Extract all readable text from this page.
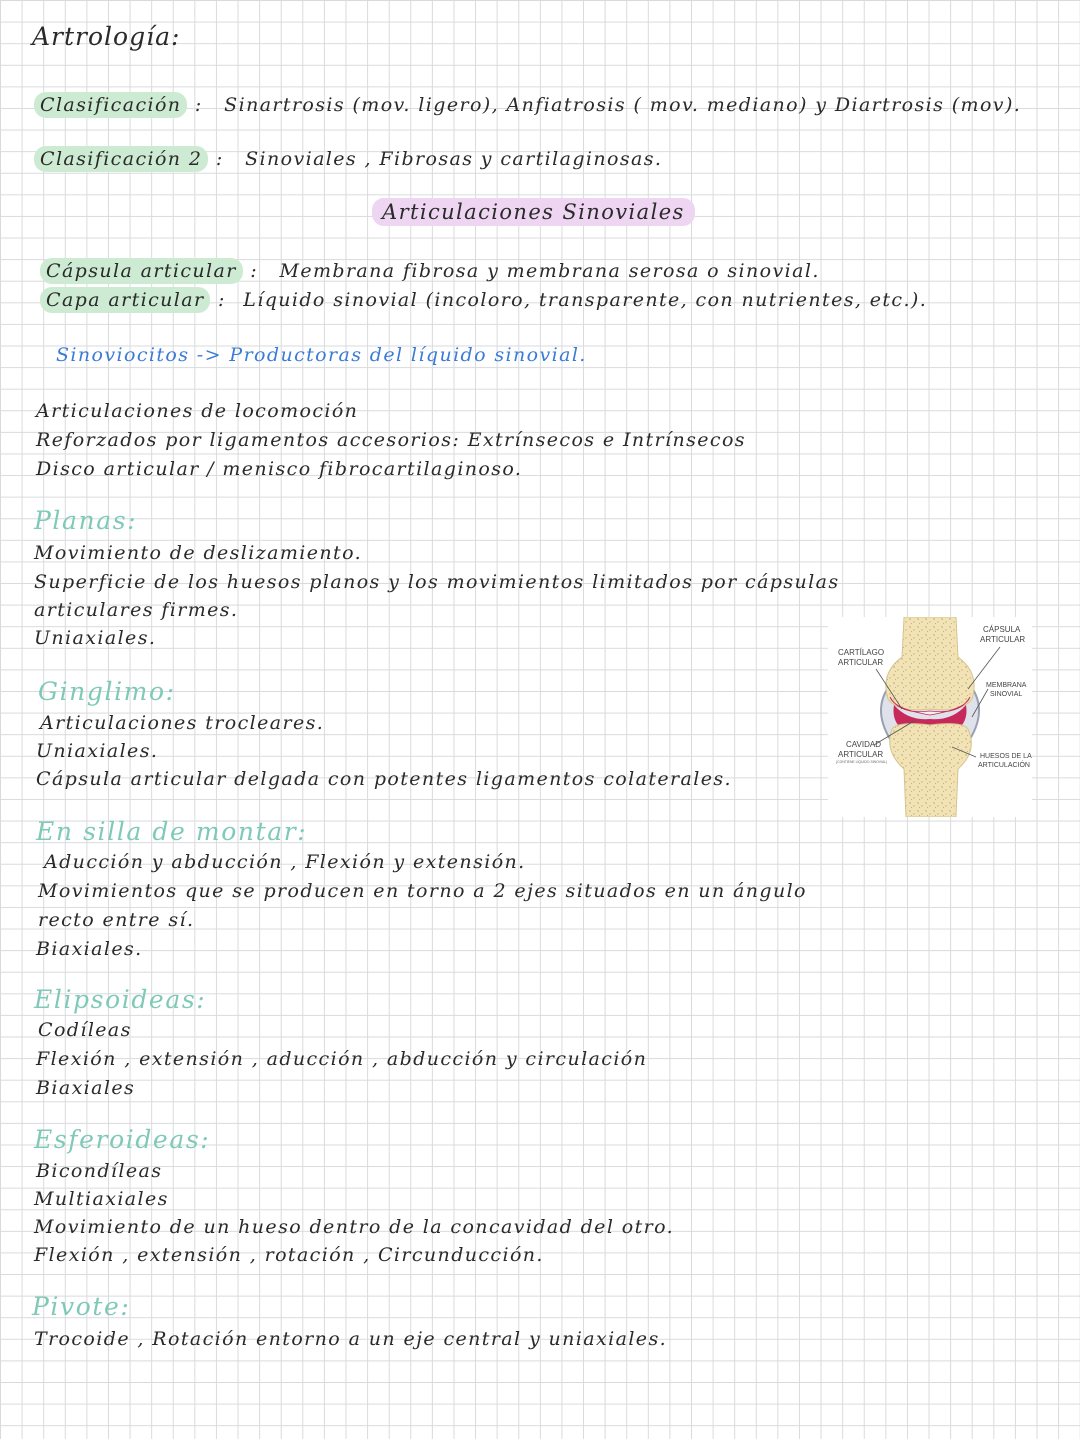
Artrología:
Clasificación : Sinartrosis (mov. ligero), Anfiatrosis ( mov. mediano) y Diartrosis (mov).
Clasificación 2 : Sinoviales , Fibrosas y cartilaginosas.
Articulaciones Sinoviales
Cápsula articular : Membrana fibrosa y membrana serosa o sinovial.
Capa articular : Líquido sinovial (incoloro, transparente, con nutrientes, etc.).
Sinoviocitos -> Productoras del líquido sinovial.
Articulaciones de locomoción
Reforzados por ligamentos accesorios: Extrínsecos e Intrínsecos
Disco articular / menisco fibrocartilaginoso.
Planas:
Movimiento de deslizamiento.
Superficie de los huesos planos y los movimientos limitados por cápsulas
articulares firmes.
Uniaxiales.
Ginglimo:
Articulaciones trocleares.
Uniaxiales.
Cápsula articular delgada con potentes ligamentos colaterales.
CARTÍLAGO
ARTICULAR
CÁPSULA
ARTICULAR
MEMBRANA
SINOVIAL
CAVIDAD
ARTICULAR
(CONTIENE LÍQUIDO SINOVIAL)
HUESOS DE LA
ARTICULACIÓN
En silla de montar:
Aducción y abducción , Flexión y extensión.
Movimientos que se producen en torno a 2 ejes situados en un ángulo
recto entre sí.
Biaxiales.
Elipsoideas:
Codíleas
Flexión , extensión , aducción , abducción y circulación
Biaxiales
Esferoideas:
Bicondíleas
Multiaxiales
Movimiento de un hueso dentro de la concavidad del otro.
Flexión , extensión , rotación , Circunducción.
Pivote:
Trocoide , Rotación entorno a un eje central y uniaxiales.
